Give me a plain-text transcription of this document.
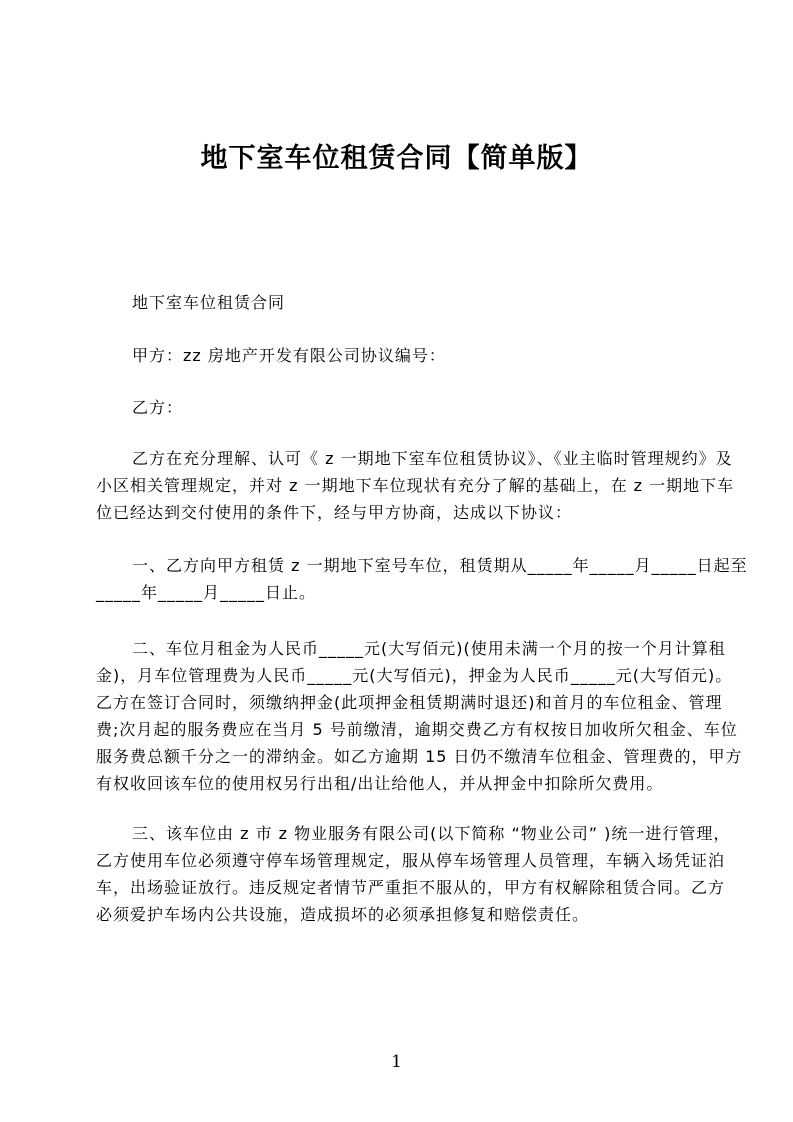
地下室车位租赁合同【简单版】
地下室车位租赁合同
甲方：zz 房地产开发有限公司协议编号：
乙方：
乙方在充分理解、认可《 z 一期地下室车位租赁协议》、《业主临时管理规约》及
小区相关管理规定，并对 z 一期地下车位现状有充分了解的基础上，在 z 一期地下车
位已经达到交付使用的条件下，经与甲方协商，达成以下协议：
一、乙方向甲方租赁 z 一期地下室号车位，租赁期从_____年_____月_____日起至
_____年_____月_____日止。
二、车位月租金为人民币_____元(大写佰元)(使用未满一个月的按一个月计算租
金)，月车位管理费为人民币_____元(大写佰元)，押金为人民币_____元(大写佰元)。
乙方在签订合同时，须缴纳押金(此项押金租赁期满时退还)和首月的车位租金、管理
费;次月起的服务费应在当月 5 号前缴清，逾期交费乙方有权按日加收所欠租金、车位
服务费总额千分之一的滞纳金。如乙方逾期 15 日仍不缴清车位租金、管理费的，甲方
有权收回该车位的使用权另行出租/出让给他人，并从押金中扣除所欠费用。
三、该车位由 z 市 z 物业服务有限公司(以下简称 “物业公司” )统一进行管理，
乙方使用车位必须遵守停车场管理规定，服从停车场管理人员管理，车辆入场凭证泊
车，出场验证放行。违反规定者情节严重拒不服从的，甲方有权解除租赁合同。乙方
必须爱护车场内公共设施，造成损坏的必须承担修复和赔偿责任。
1
